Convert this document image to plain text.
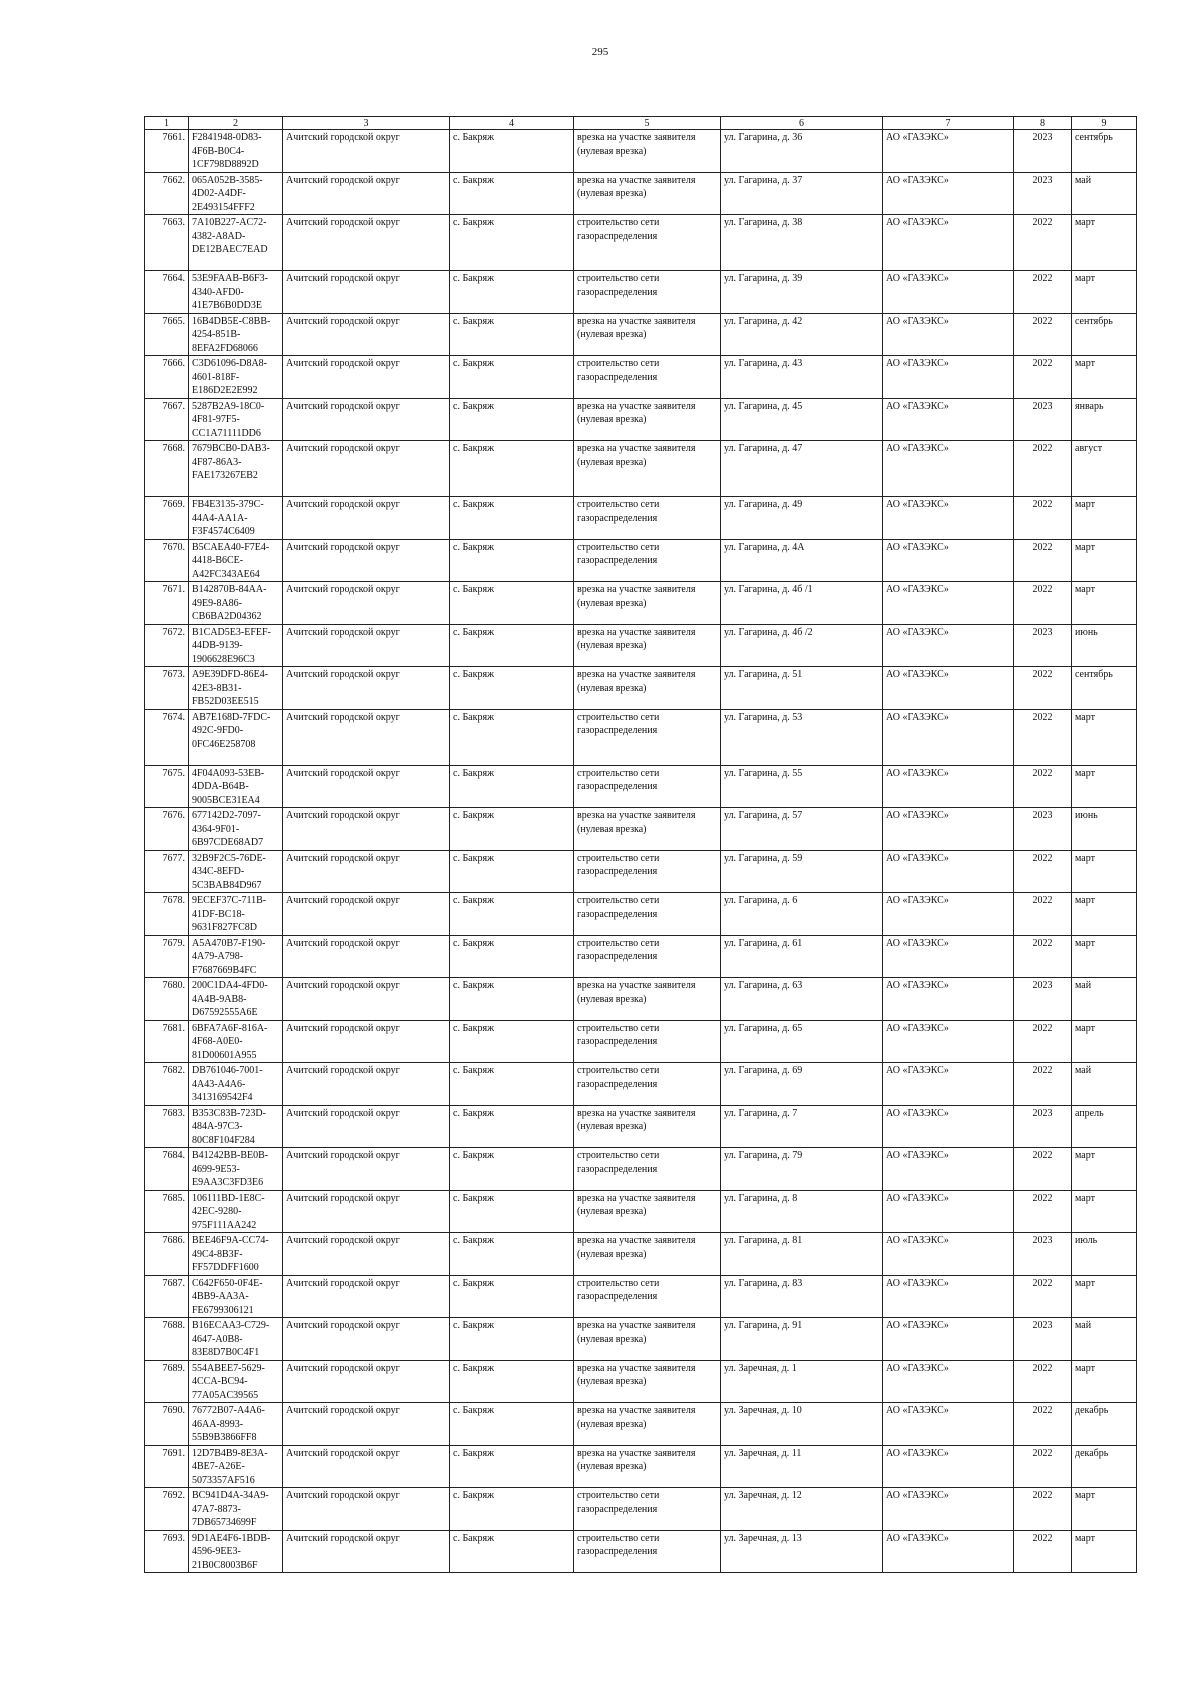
295
1	2	3	4	5	6	7	8	9
7661.	F2841948-0D83-4F6B-B0C4-1CF798D8892D	Ачитский городской округ	с. Бакряж	врезка на участке заявителя (нулевая врезка)	ул. Гагарина, д. 36	АО «ГАЗЭКС»	2023	сентябрь
7662.	065A052B-3585-4D02-A4DF-2E493154FFF2	Ачитский городской округ	с. Бакряж	врезка на участке заявителя (нулевая врезка)	ул. Гагарина, д. 37	АО «ГАЗЭКС»	2023	май
7663.	7A10B227-AC72-4382-A8AD-DE12BAEC7EAD	Ачитский городской округ	с. Бакряж	строительство сети газораспределения	ул. Гагарина, д. 38	АО «ГАЗЭКС»	2022	март
7664.	53E9FAAB-B6F3-4340-AFD0-41E7B6B0DD3E	Ачитский городской округ	с. Бакряж	строительство сети газораспределения	ул. Гагарина, д. 39	АО «ГАЗЭКС»	2022	март
7665.	16B4DB5E-C8BB-4254-851B-8EFA2FD68066	Ачитский городской округ	с. Бакряж	врезка на участке заявителя (нулевая врезка)	ул. Гагарина, д. 42	АО «ГАЗЭКС»	2022	сентябрь
7666.	C3D61096-D8A8-4601-818F-E186D2E2E992	Ачитский городской округ	с. Бакряж	строительство сети газораспределения	ул. Гагарина, д. 43	АО «ГАЗЭКС»	2022	март
7667.	5287B2A9-18C0-4F81-97F5-CC1A71111DD6	Ачитский городской округ	с. Бакряж	врезка на участке заявителя (нулевая врезка)	ул. Гагарина, д. 45	АО «ГАЗЭКС»	2023	январь
7668.	7679BCB0-DAB3-4F87-86A3-FAE173267EB2	Ачитский городской округ	с. Бакряж	врезка на участке заявителя (нулевая врезка)	ул. Гагарина, д. 47	АО «ГАЗЭКС»	2022	август
7669.	FB4E3135-379C-44A4-AA1A-F3F4574C6409	Ачитский городской округ	с. Бакряж	строительство сети газораспределения	ул. Гагарина, д. 49	АО «ГАЗЭКС»	2022	март
7670.	B5CAEA40-F7E4-4418-B6CE-A42FC343AE64	Ачитский городской округ	с. Бакряж	строительство сети газораспределения	ул. Гагарина, д. 4А	АО «ГАЗЭКС»	2022	март
7671.	B142870B-84AA-49E9-8A86-CB6BA2D04362	Ачитский городской округ	с. Бакряж	врезка на участке заявителя (нулевая врезка)	ул. Гагарина, д. 4б /1	АО «ГАЗЭКС»	2022	март
7672.	B1CAD5E3-EFEF-44DB-9139-1906628E96C3	Ачитский городской округ	с. Бакряж	врезка на участке заявителя (нулевая врезка)	ул. Гагарина, д. 4б /2	АО «ГАЗЭКС»	2023	июнь
7673.	A9E39DFD-86E4-42E3-8B31-FB52D03EE515	Ачитский городской округ	с. Бакряж	врезка на участке заявителя (нулевая врезка)	ул. Гагарина, д. 51	АО «ГАЗЭКС»	2022	сентябрь
7674.	AB7E168D-7FDC-492C-9FD0-0FC46E258708	Ачитский городской округ	с. Бакряж	строительство сети газораспределения	ул. Гагарина, д. 53	АО «ГАЗЭКС»	2022	март
7675.	4F04A093-53EB-4DDA-B64B-9005BCE31EA4	Ачитский городской округ	с. Бакряж	строительство сети газораспределения	ул. Гагарина, д. 55	АО «ГАЗЭКС»	2022	март
7676.	677142D2-7097-4364-9F01-6B97CDE68AD7	Ачитский городской округ	с. Бакряж	врезка на участке заявителя (нулевая врезка)	ул. Гагарина, д. 57	АО «ГАЗЭКС»	2023	июнь
7677.	32B9F2C5-76DE-434C-8EFD-5C3BAB84D967	Ачитский городской округ	с. Бакряж	строительство сети газораспределения	ул. Гагарина, д. 59	АО «ГАЗЭКС»	2022	март
7678.	9ECEF37C-711B-41DF-BC18-9631F827FC8D	Ачитский городской округ	с. Бакряж	строительство сети газораспределения	ул. Гагарина, д. 6	АО «ГАЗЭКС»	2022	март
7679.	A5A470B7-F190-4A79-A798-F7687669B4FC	Ачитский городской округ	с. Бакряж	строительство сети газораспределения	ул. Гагарина, д. 61	АО «ГАЗЭКС»	2022	март
7680.	200C1DA4-4FD0-4A4B-9AB8-D67592555A6E	Ачитский городской округ	с. Бакряж	врезка на участке заявителя (нулевая врезка)	ул. Гагарина, д. 63	АО «ГАЗЭКС»	2023	май
7681.	6BFA7A6F-816A-4F68-A0E0-81D00601A955	Ачитский городской округ	с. Бакряж	строительство сети газораспределения	ул. Гагарина, д. 65	АО «ГАЗЭКС»	2022	март
7682.	DB761046-7001-4A43-A4A6-3413169542F4	Ачитский городской округ	с. Бакряж	строительство сети газораспределения	ул. Гагарина, д. 69	АО «ГАЗЭКС»	2022	май
7683.	B353C83B-723D-484A-97C3-80C8F104F284	Ачитский городской округ	с. Бакряж	врезка на участке заявителя (нулевая врезка)	ул. Гагарина, д. 7	АО «ГАЗЭКС»	2023	апрель
7684.	B41242BB-BE0B-4699-9E53-E9AA3C3FD3E6	Ачитский городской округ	с. Бакряж	строительство сети газораспределения	ул. Гагарина, д. 79	АО «ГАЗЭКС»	2022	март
7685.	106111BD-1E8C-42EC-9280-975F111AA242	Ачитский городской округ	с. Бакряж	врезка на участке заявителя (нулевая врезка)	ул. Гагарина, д. 8	АО «ГАЗЭКС»	2022	март
7686.	BEE46F9A-CC74-49C4-8B3F-FF57DDFF1600	Ачитский городской округ	с. Бакряж	врезка на участке заявителя (нулевая врезка)	ул. Гагарина, д. 81	АО «ГАЗЭКС»	2023	июль
7687.	C642F650-0F4E-4BB9-AA3A-FE6799306121	Ачитский городской округ	с. Бакряж	строительство сети газораспределения	ул. Гагарина, д. 83	АО «ГАЗЭКС»	2022	март
7688.	B16ECAA3-C729-4647-A0B8-83E8D7B0C4F1	Ачитский городской округ	с. Бакряж	врезка на участке заявителя (нулевая врезка)	ул. Гагарина, д. 91	АО «ГАЗЭКС»	2023	май
7689.	554ABEE7-5629-4CCA-BC94-77A05AC39565	Ачитский городской округ	с. Бакряж	врезка на участке заявителя (нулевая врезка)	ул. Заречная, д. 1	АО «ГАЗЭКС»	2022	март
7690.	76772B07-A4A6-46AA-8993-55B9B3866FF8	Ачитский городской округ	с. Бакряж	врезка на участке заявителя (нулевая врезка)	ул. Заречная, д. 10	АО «ГАЗЭКС»	2022	декабрь
7691.	12D7B4B9-8E3A-4BE7-A26E-5073357AF516	Ачитский городской округ	с. Бакряж	врезка на участке заявителя (нулевая врезка)	ул. Заречная, д. 11	АО «ГАЗЭКС»	2022	декабрь
7692.	BC941D4A-34A9-47A7-8873-7DB65734699F	Ачитский городской округ	с. Бакряж	строительство сети газораспределения	ул. Заречная, д. 12	АО «ГАЗЭКС»	2022	март
7693.	9D1AE4F6-1BDB-4596-9EE3-21B0C8003B6F	Ачитский городской округ	с. Бакряж	строительство сети газораспределения	ул. Заречная, д. 13	АО «ГАЗЭКС»	2022	март
